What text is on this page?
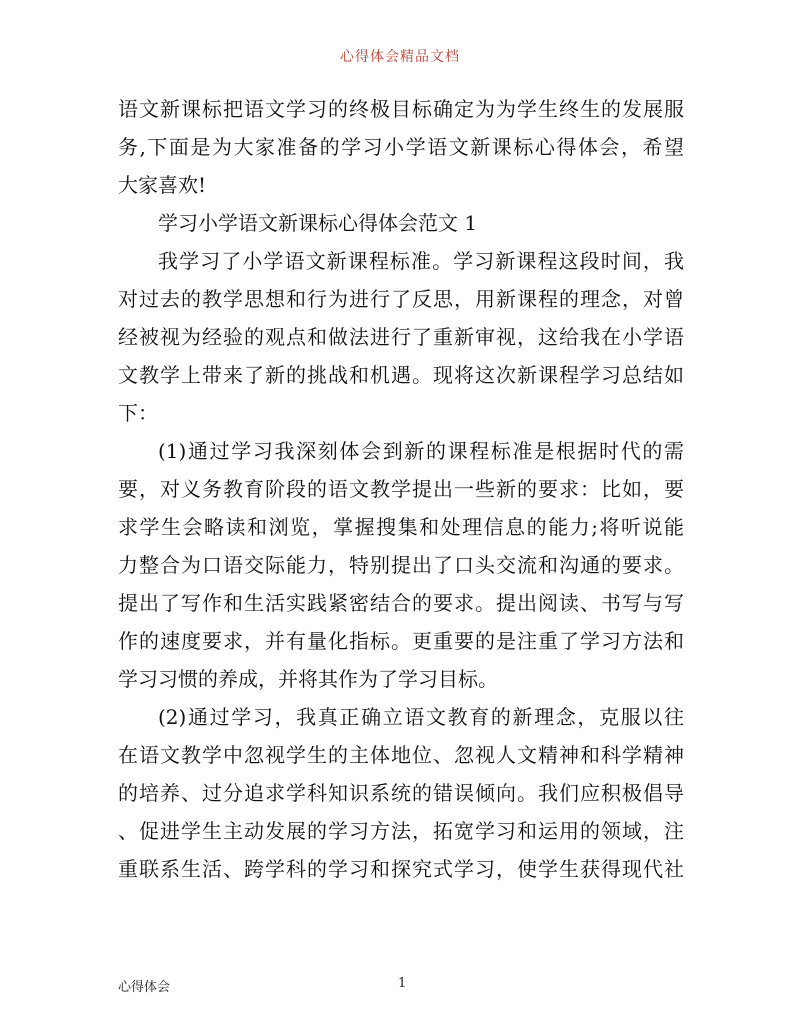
心得体会精品文档
语文新课标把语文学习的终极目标确定为为学生终生的发展服
务,下面是为大家准备的学习小学语文新课标心得体会，希望
大家喜欢!
学习小学语文新课标心得体会范文 1
我学习了小学语文新课程标准。学习新课程这段时间，我
对过去的教学思想和行为进行了反思，用新课程的理念，对曾
经被视为经验的观点和做法进行了重新审视，这给我在小学语
文教学上带来了新的挑战和机遇。现将这次新课程学习总结如
下：
(1)通过学习我深刻体会到新的课程标准是根据时代的需
要，对义务教育阶段的语文教学提出一些新的要求：比如，要
求学生会略读和浏览，掌握搜集和处理信息的能力;将听说能
力整合为口语交际能力，特别提出了口头交流和沟通的要求。
提出了写作和生活实践紧密结合的要求。提出阅读、书写与写
作的速度要求，并有量化指标。更重要的是注重了学习方法和
学习习惯的养成，并将其作为了学习目标。
(2)通过学习，我真正确立语文教育的新理念，克服以往
在语文教学中忽视学生的主体地位、忽视人文精神和科学精神
的培养、过分追求学科知识系统的错误倾向。我们应积极倡导
、促进学生主动发展的学习方法，拓宽学习和运用的领域，注
重联系生活、跨学科的学习和探究式学习，使学生获得现代社
心得体会	1
